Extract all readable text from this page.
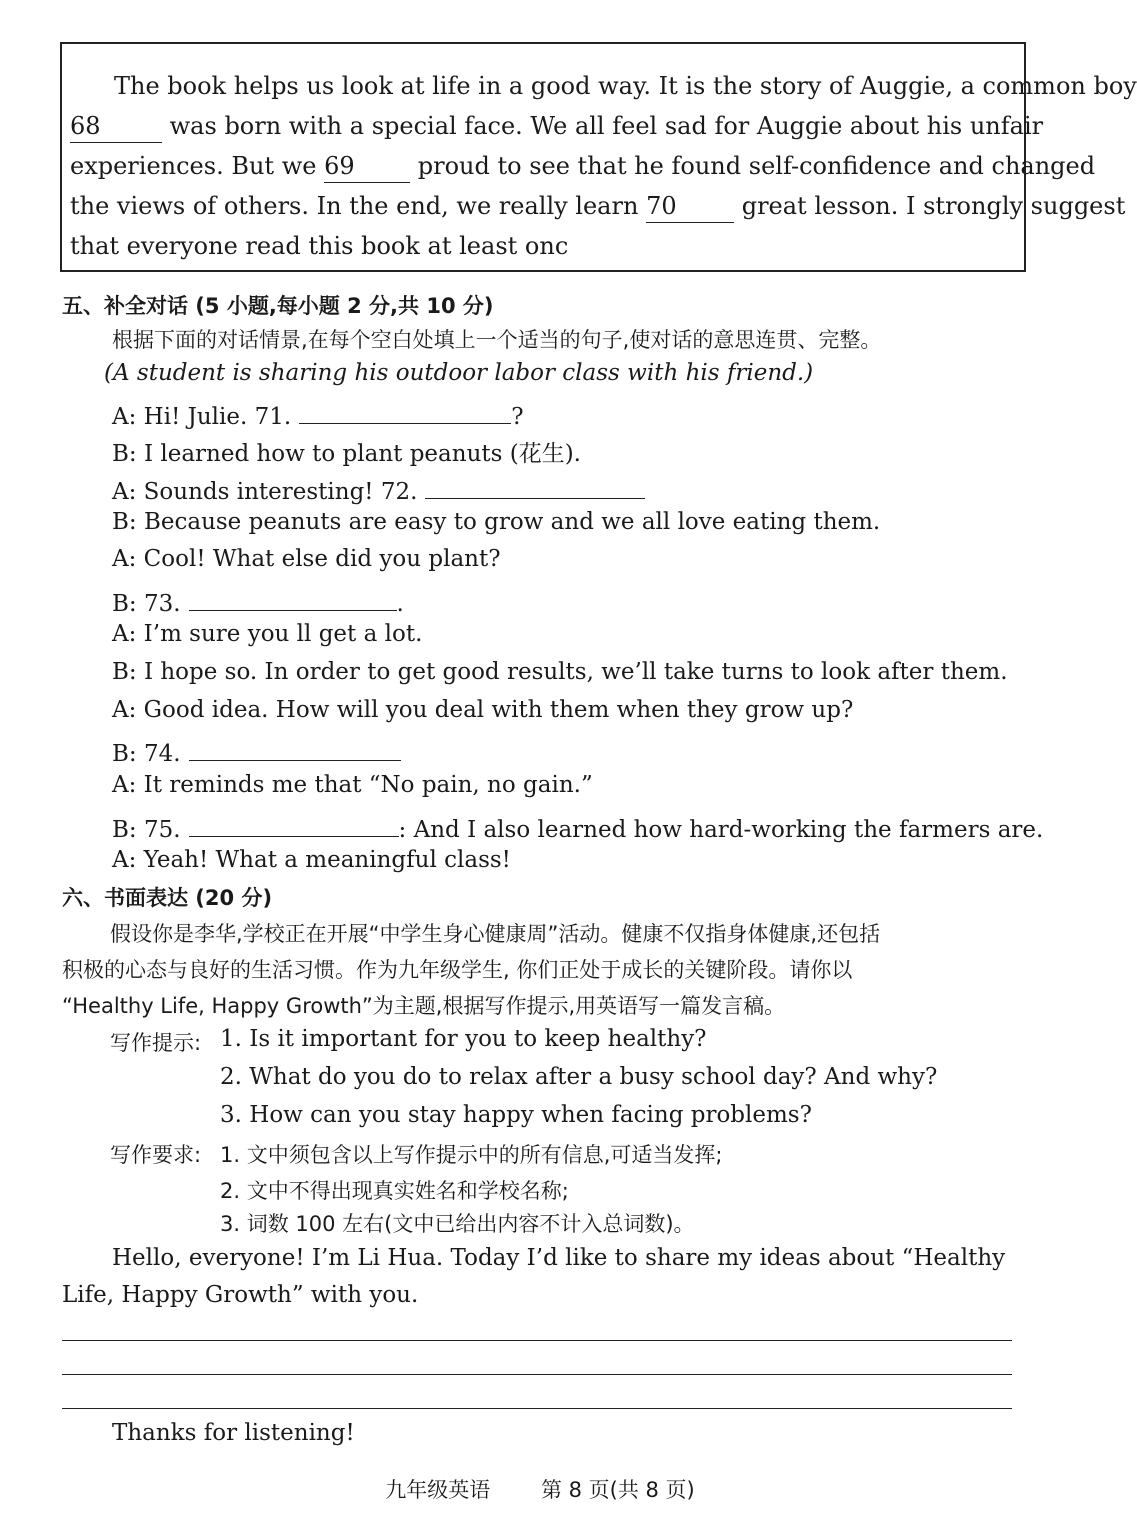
The book helps us look at life in a good way. It is the story of Auggie, a common boy
68	was born with a special face. We all feel sad for Auggie about his unfair
experiences. But we 69	proud to see that he found self-confidence and changed
the views of others. In the end, we really learn 70	great lesson. I strongly suggest
that everyone read this book at least onc
五、补全对话 (5 小题,每小题 2 分,共 10 分)
根据下面的对话情景,在每个空白处填上一个适当的句子,使对话的意思连贯、完整。
(A student is sharing his outdoor labor class with his friend.)
A: Hi! Julie. 71.	?
B: I learned how to plant peanuts (花生).
A: Sounds interesting! 72.
B: Because peanuts are easy to grow and we all love eating them.
A: Cool! What else did you plant?
B: 73.	.
A: I’m sure you ll get a lot.
B: I hope so. In order to get good results, we’ll take turns to look after them.
A: Good idea. How will you deal with them when they grow up?
B: 74.
A: It reminds me that “No pain, no gain.”
B: 75.	: And I also learned how hard-working the farmers are.
A: Yeah! What a meaningful class!
六、书面表达 (20 分)
假设你是李华,学校正在开展“中学生身心健康周”活动。健康不仅指身体健康,还包括
积极的心态与良好的生活习惯。作为九年级学生, 你们正处于成长的关键阶段。请你以
“Healthy Life, Happy Growth”为主题,根据写作提示,用英语写一篇发言稿。
写作提示: 1. Is it important for you to keep healthy?
2. What do you do to relax after a busy school day? And why?
3. How can you stay happy when facing problems?
写作要求: 1. 文中须包含以上写作提示中的所有信息,可适当发挥;
2. 文中不得出现真实姓名和学校名称;
3. 词数 100 左右(文中已给出内容不计入总词数)。
Hello, everyone! I’m Li Hua. Today I’d like to share my ideas about “Healthy
Life, Happy Growth” with you.
Thanks for listening!
九年级英语 第 8 页(共 8 页)
